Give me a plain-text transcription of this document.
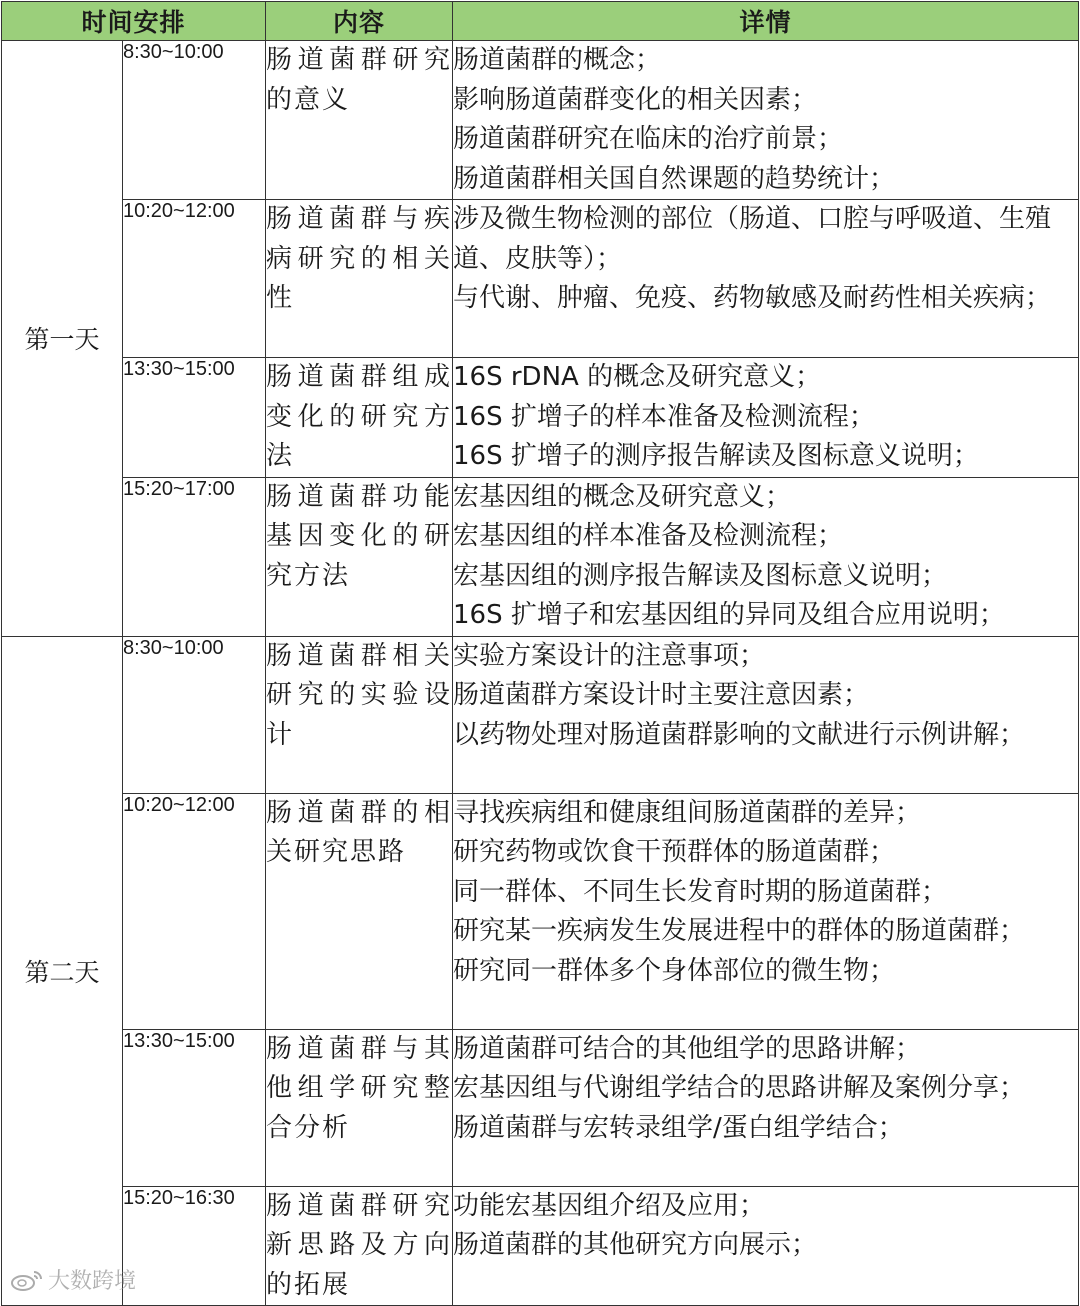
时间安排		内容	详情
第一天	8:30~10:00	肠道菌群研究的意义	肠道菌群的概念；
影响肠道菌群变化的相关因素；
肠道菌群研究在临床的治疗前景；
肠道菌群相关国自然课题的趋势统计；

	10:20~12:00	肠道菌群与疾病研究的相关性	涉及微生物检测的部位（肠道、口腔与呼吸道、生殖道、皮肤等）；
与代谢、肿瘤、免疫、药物敏感及耐药性相关疾病；

	13:30~15:00	肠道菌群组成变化的研究方法	16S rDNA 的概念及研究意义；
16S 扩增子的样本准备及检测流程；
16S 扩增子的测序报告解读及图标意义说明；

	15:20~17:00	肠道菌群功能基因变化的研究方法	宏基因组的概念及研究意义；
宏基因组的样本准备及检测流程；
宏基因组的测序报告解读及图标意义说明；
16S 扩增子和宏基因组的异同及组合应用说明；

第二天	8:30~10:00	肠道菌群相关研究的实验设计	实验方案设计的注意事项；
肠道菌群方案设计时主要注意因素；
以药物处理对肠道菌群影响的文献进行示例讲解；

	10:20~12:00	肠道菌群的相关研究思路	寻找疾病组和健康组间肠道菌群的差异；
研究药物或饮食干预群体的肠道菌群；
同一群体、不同生长发育时期的肠道菌群；
研究某一疾病发生发展进程中的群体的肠道菌群；
研究同一群体多个身体部位的微生物；

	13:30~15:00	肠道菌群与其他组学研究整合分析	肠道菌群可结合的其他组学的思路讲解；
宏基因组与代谢组学结合的思路讲解及案例分享；
肠道菌群与宏转录组学/蛋白组学结合；

	15:20~16:30	肠道菌群研究新思路及方向的拓展	功能宏基因组介绍及应用；
肠道菌群的其他研究方向展示；
大数跨境
